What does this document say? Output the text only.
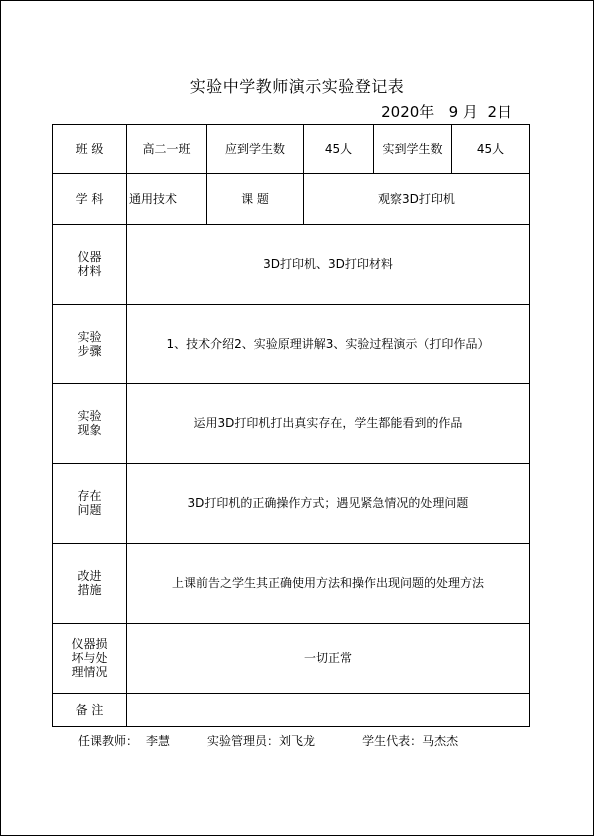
实验中学教师演示实验登记表
2020年   9 月  2日
班 级	高二一班	应到学生数	45人	实到学生数	45人
学 科	通用技术	课 题	观察3D打印机		
仪器
材料	3D打印机、3D打印材料				
实验
步骤	1、技术介绍2、实验原理讲解3、实验过程演示（打印作品）				
实验
现象	运用3D打印机打出真实存在，学生都能看到的作品				
存在
问题	3D打印机的正确操作方式；遇见紧急情况的处理问题				
改进
措施	上课前告之学生其正确使用方法和操作出现问题的处理方法				
仪器损
坏与处
理情况	一切正常				
备 注					
任课教师： 李慧	实验管理员：刘飞龙	学生代表：马杰杰
